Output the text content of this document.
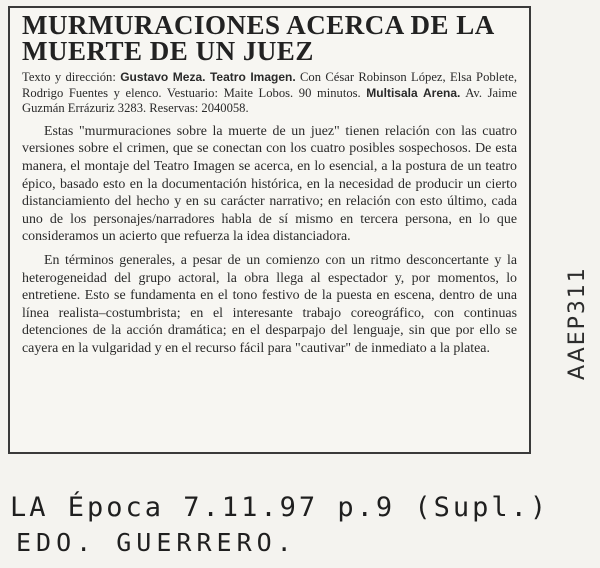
MURMURACIONES ACERCA DE LA MUERTE DE UN JUEZ

Texto y dirección: Gustavo Meza. Teatro Imagen. Con César Robinson López, Elsa Poblete, Rodrigo Fuentes y elenco. Vestuario: Maite Lobos. 90 minutos. Multisala Arena. Av. Jaime Guzmán Errázuriz 3283. Reservas: 2040058.

Estas "murmuraciones sobre la muerte de un juez" tienen relación con las cuatro versiones sobre el crimen, que se conectan con los cuatro posibles sospechosos. De esta manera, el montaje del Teatro Imagen se acerca, en lo esencial, a la postura de un teatro épico, basado esto en la documentación histórica, en la necesidad de producir un cierto distanciamiento del hecho y en su carácter narrativo; en relación con esto último, cada uno de los personajes/narradores habla de sí mismo en tercera persona, en lo que consideramos un acierto que refuerza la idea distanciadora.

En términos generales, a pesar de un comienzo con un ritmo desconcertante y la heterogeneidad del grupo actoral, la obra llega al espectador y, por momentos, lo entretiene. Esto se fundamenta en el tono festivo de la puesta en escena, dentro de una línea realista–costumbrista; en el interesante trabajo coreográfico, con continuas detenciones de la acción dramática; en el desparpajo del lenguaje, sin que por ello se cayera en la vulgaridad y en el recurso fácil para "cautivar" de inmediato a la platea.	AAEP311
LA Época 7.11.97 p.9 (Supl.)
EDO. GUERRERO.
